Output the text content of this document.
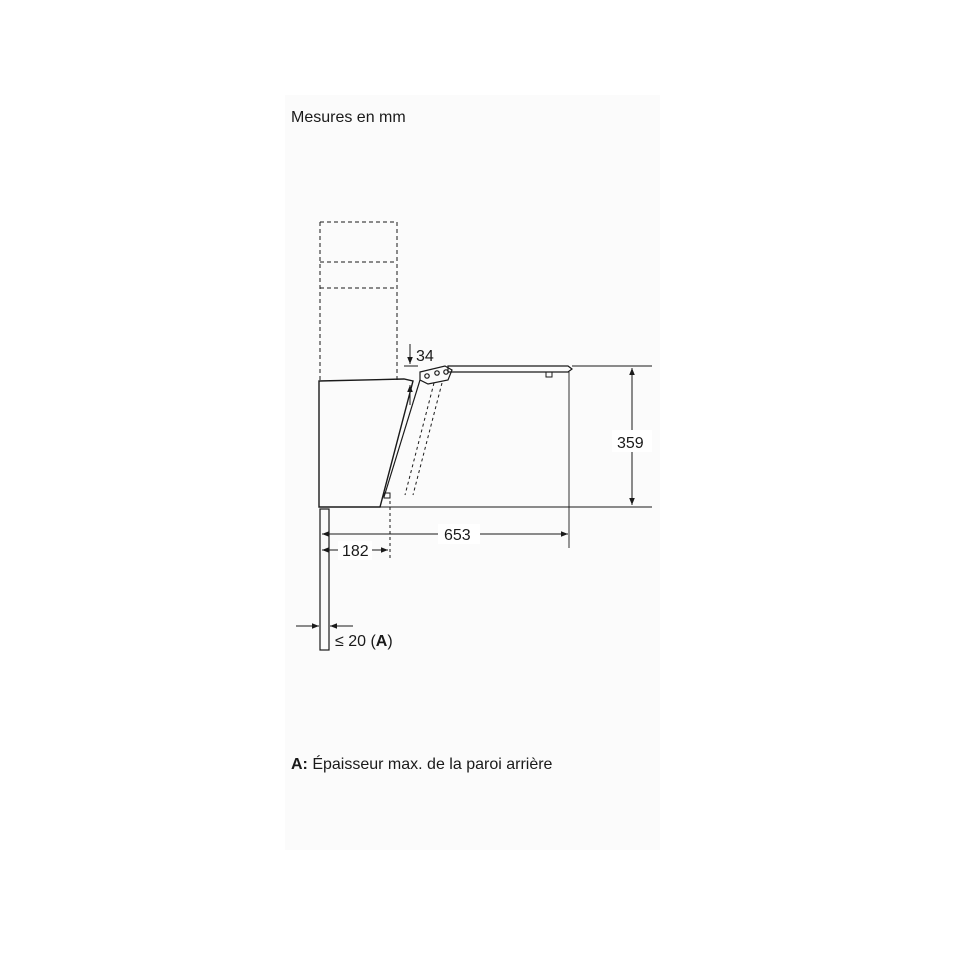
Mesures en mm
34
359
653
182
≤ 20 (A)
A: Épaisseur max. de la paroi arrière
